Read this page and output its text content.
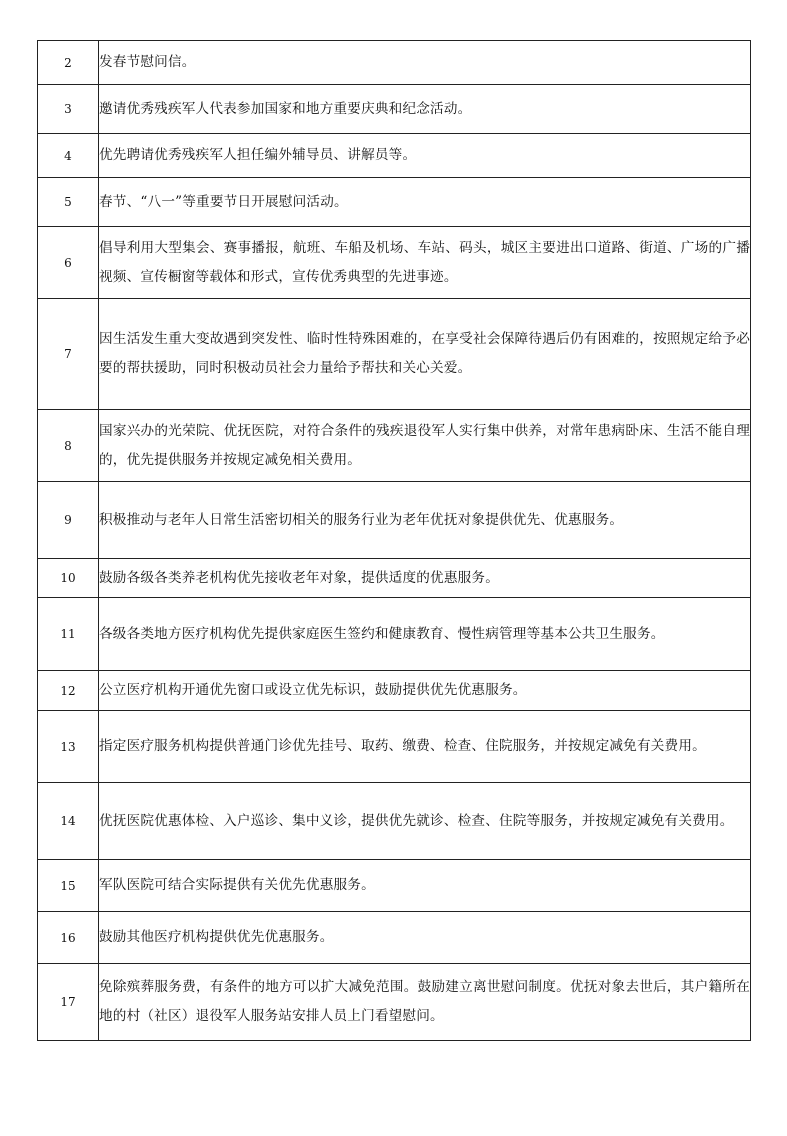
2	发春节慰问信。
3	邀请优秀残疾军人代表参加国家和地方重要庆典和纪念活动。
4	优先聘请优秀残疾军人担任编外辅导员、讲解员等。
5	春节、“八一”等重要节日开展慰问活动。
6	倡导利用大型集会、赛事播报，航班、车船及机场、车站、码头，城区主要进出口道路、街道、广场的广播视频、宣传橱窗等载体和形式，宣传优秀典型的先进事迹。
7	因生活发生重大变故遇到突发性、临时性特殊困难的，在享受社会保障待遇后仍有困难的，按照规定给予必要的帮扶援助，同时积极动员社会力量给予帮扶和关心关爱。
8	国家兴办的光荣院、优抚医院，对符合条件的残疾退役军人实行集中供养，对常年患病卧床、生活不能自理的，优先提供服务并按规定减免相关费用。
9	积极推动与老年人日常生活密切相关的服务行业为老年优抚对象提供优先、优惠服务。
10	鼓励各级各类养老机构优先接收老年对象，提供适度的优惠服务。
11	各级各类地方医疗机构优先提供家庭医生签约和健康教育、慢性病管理等基本公共卫生服务。
12	公立医疗机构开通优先窗口或设立优先标识，鼓励提供优先优惠服务。
13	指定医疗服务机构提供普通门诊优先挂号、取药、缴费、检查、住院服务，并按规定减免有关费用。
14	优抚医院优惠体检、入户巡诊、集中义诊，提供优先就诊、检查、住院等服务，并按规定减免有关费用。
15	军队医院可结合实际提供有关优先优惠服务。
16	鼓励其他医疗机构提供优先优惠服务。
17	免除殡葬服务费，有条件的地方可以扩大减免范围。鼓励建立离世慰问制度。优抚对象去世后，其户籍所在地的村（社区）退役军人服务站安排人员上门看望慰问。
